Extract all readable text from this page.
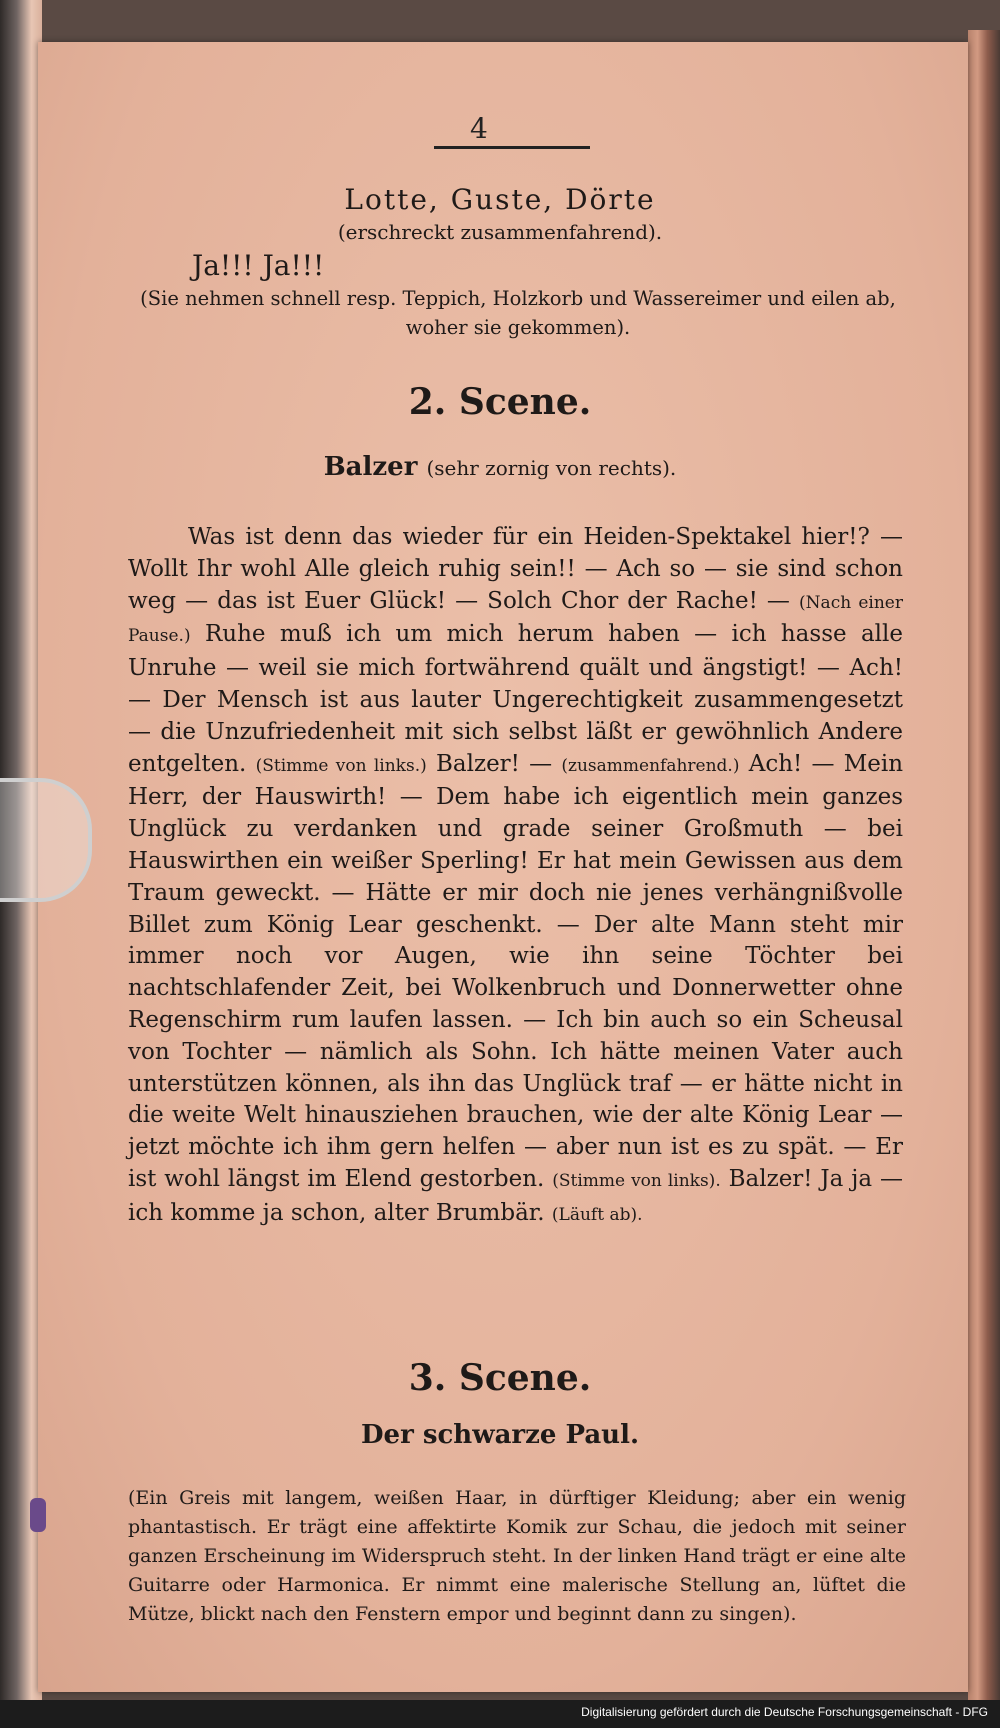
4
Lotte, Guste, Dörte
(erschreckt zusammenfahrend).
Ja!!! Ja!!!
(Sie nehmen schnell resp. Teppich, Holzkorb und Wassereimer und eilen ab, woher sie gekommen).
2. Scene.
Balzer (sehr zornig von rechts).
Was ist denn das wieder für ein Heiden-Spektakel hier!? — Wollt Ihr wohl Alle gleich ruhig sein!! — Ach so — sie sind schon weg — das ist Euer Glück! — Solch Chor der Rache! — (Nach einer Pause.) Ruhe muß ich um mich herum haben — ich hasse alle Unruhe — weil sie mich fortwährend quält und ängstigt! — Ach! — Der Mensch ist aus lauter Ungerechtigkeit zusammengesetzt — die Unzufriedenheit mit sich selbst läßt er gewöhnlich Andere entgelten. (Stimme von links.) Balzer! — (zusammenfahrend.) Ach! — Mein Herr, der Hauswirth! — Dem habe ich eigentlich mein ganzes Unglück zu verdanken und grade seiner Großmuth — bei Hauswirthen ein weißer Sperling! Er hat mein Gewissen aus dem Traum geweckt. — Hätte er mir doch nie jenes verhängnißvolle Billet zum König Lear geschenkt. — Der alte Mann steht mir immer noch vor Augen, wie ihn seine Töchter bei nachtschlafender Zeit, bei Wolkenbruch und Donnerwetter ohne Regenschirm rum laufen lassen. — Ich bin auch so ein Scheusal von Tochter — nämlich als Sohn. Ich hätte meinen Vater auch unterstützen können, als ihn das Unglück traf — er hätte nicht in die weite Welt hinausziehen brauchen, wie der alte König Lear — jetzt möchte ich ihm gern helfen — aber nun ist es zu spät. — Er ist wohl längst im Elend gestorben. (Stimme von links). Balzer! Ja ja — ich komme ja schon, alter Brumbär. (Läuft ab).
3. Scene.
Der schwarze Paul.
(Ein Greis mit langem, weißen Haar, in dürftiger Kleidung; aber ein wenig phantastisch. Er trägt eine affektirte Komik zur Schau, die jedoch mit seiner ganzen Erscheinung im Widerspruch steht. In der linken Hand trägt er eine alte Guitarre oder Harmonica. Er nimmt eine malerische Stellung an, lüftet die Mütze, blickt nach den Fenstern empor und beginnt dann zu singen).
Digitalisierung gefördert durch die Deutsche Forschungsgemeinschaft - DFG
